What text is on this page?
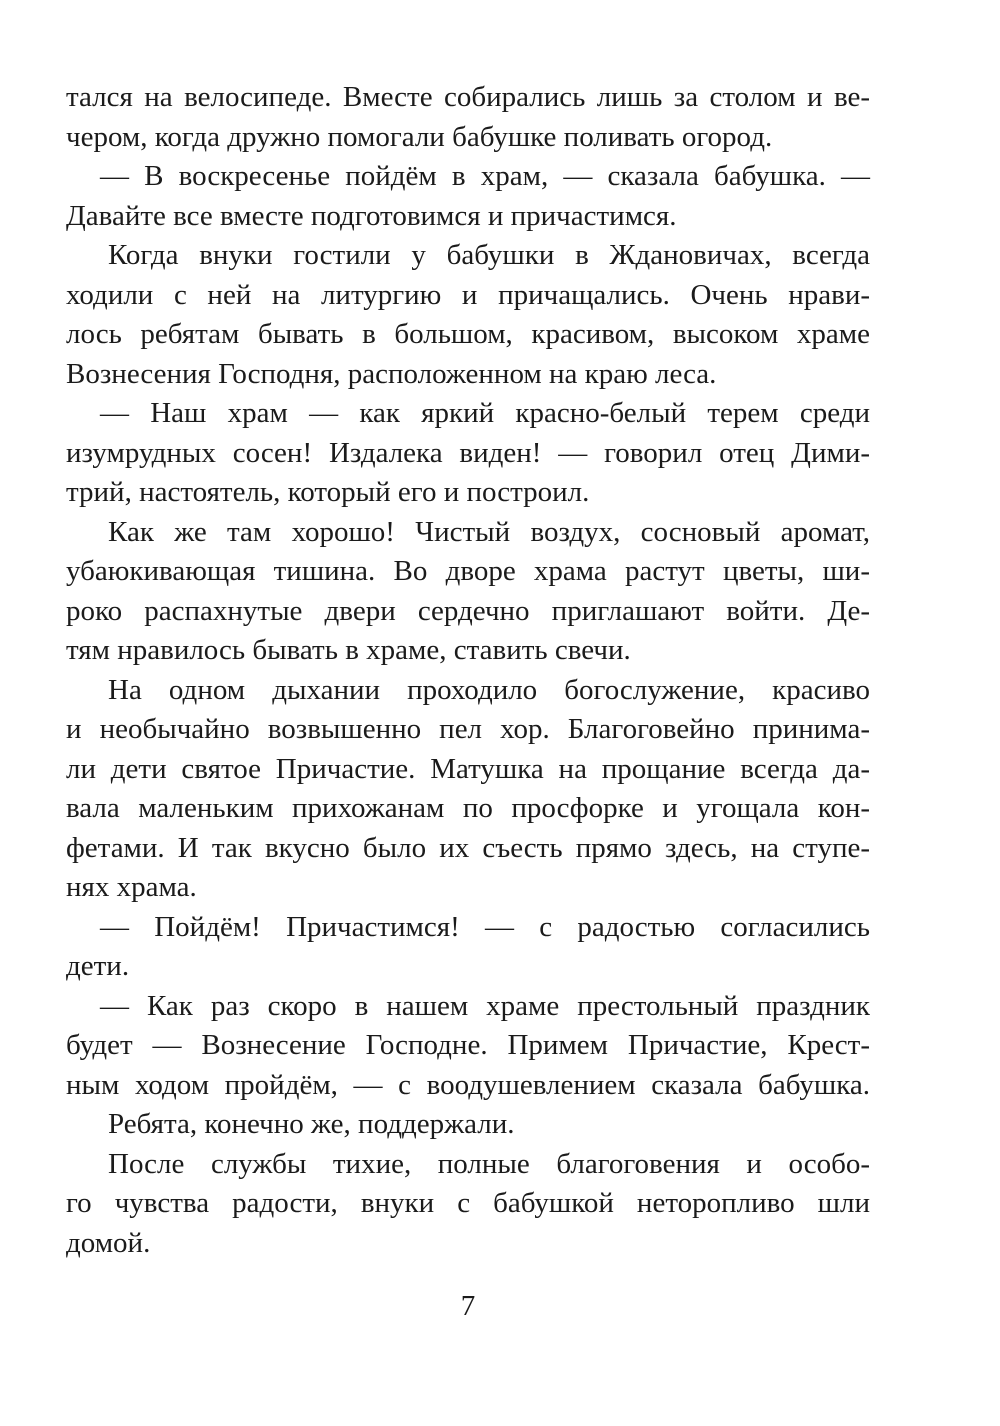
тался на велосипеде. Вместе собирались лишь за столом и ве-
чером, когда дружно помогали бабушке поливать огород.
— В воскресенье пойдём в храм, — сказала бабушка. —
Давайте все вместе подготовимся и причастимся.
Когда внуки гостили у бабушки в Ждановичах, всегда
ходили с ней на литургию и причащались. Очень нрави-
лось ребятам бывать в большом, красивом, высоком храме
Вознесения Господня, расположенном на краю леса.
— Наш храм — как яркий красно-белый терем среди
изумрудных сосен! Издалека виден! — говорил отец Дими-
трий, настоятель, который его и построил.
Как же там хорошо! Чистый воздух, сосновый аромат,
убаюкивающая тишина. Во дворе храма растут цветы, ши-
роко распахнутые двери сердечно приглашают войти. Де-
тям нравилось бывать в храме, ставить свечи.
На одном дыхании проходило богослужение, красиво
и необычайно возвышенно пел хор. Благоговейно принима-
ли дети святое Причастие. Матушка на прощание всегда да-
вала маленьким прихожанам по просфорке и угощала кон-
фетами. И так вкусно было их съесть прямо здесь, на ступе-
нях храма.
— Пойдём! Причастимся! — с радостью согласились
дети.
— Как раз скоро в нашем храме престольный праздник
будет — Вознесение Господне. Примем Причастие, Крест-
ным ходом пройдём, — с воодушевлением сказала бабушка.
Ребята, конечно же, поддержали.
После службы тихие, полные благоговения и особо-
го чувства радости, внуки с бабушкой неторопливо шли
домой.
7
